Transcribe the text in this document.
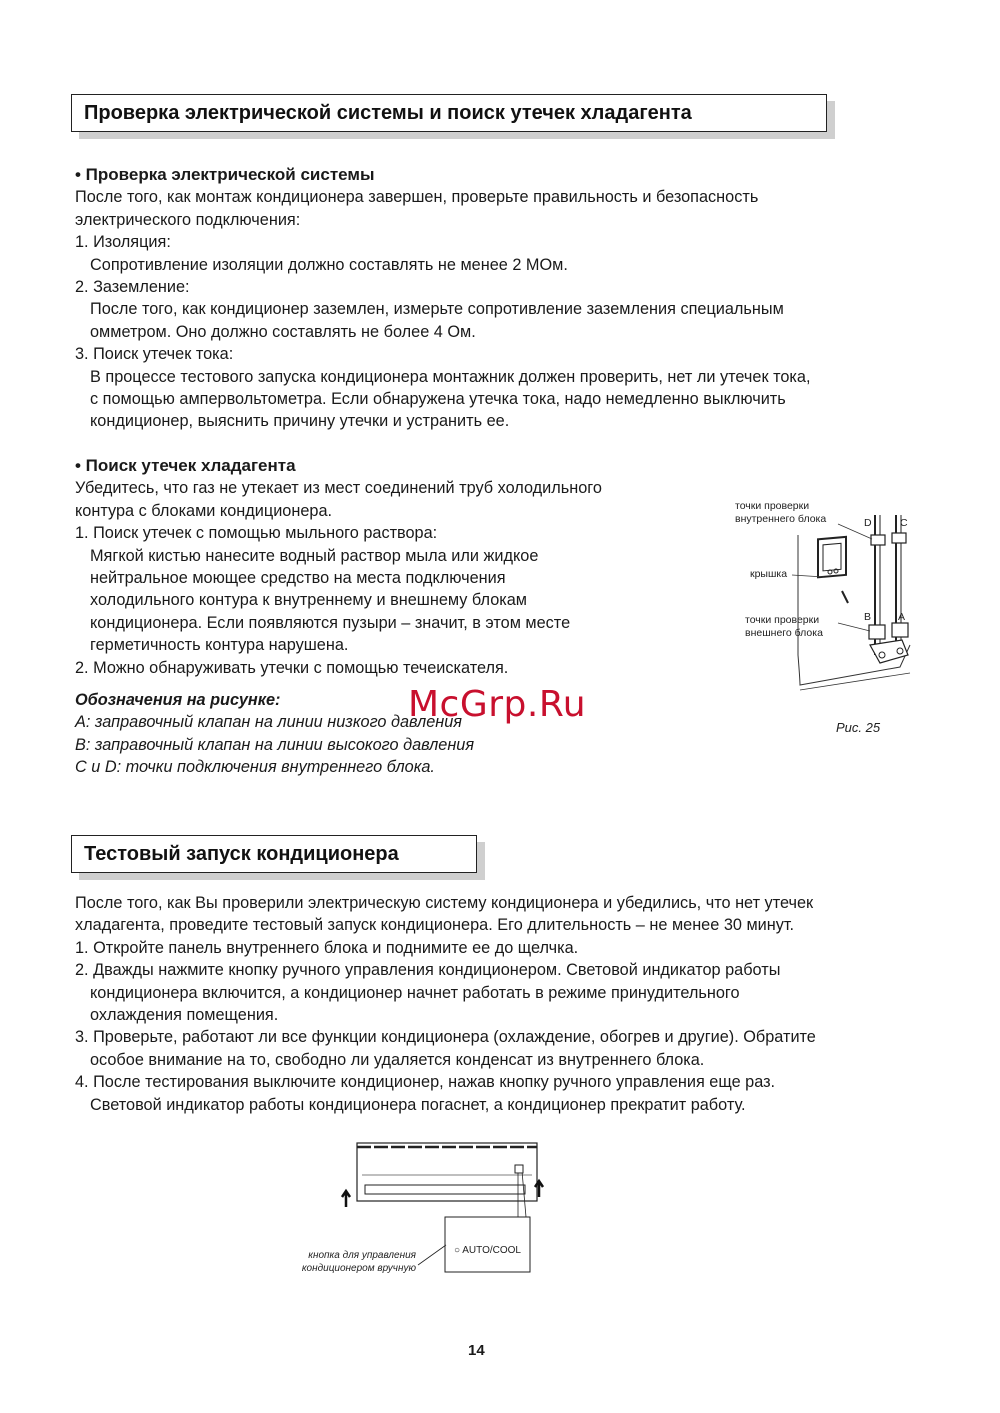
Проверка электрической системы и поиск утечек хладагента
• Проверка электрической системы
После того, как монтаж кондиционера завершен, проверьте правильность и безопасность
электрического подключения:
1. Изоляция:
Сопротивление изоляции должно составлять не менее 2 МОм.
2. Заземление:
После того, как кондиционер заземлен, измерьте сопротивление заземления специальным
омметром. Оно должно составлять не более 4 Ом.
3. Поиск утечек тока:
В процессе тестового запуска кондиционера монтажник должен проверить, нет ли утечек тока,
с помощью ампервольтометра. Если обнаружена утечка тока, надо немедленно выключить
кондиционер, выяснить причину утечки и устранить ее.
• Поиск утечек хладагента
Убедитесь, что газ не утекает из мест соединений труб холодильного
контура с блоками кондиционера.
1. Поиск утечек с помощью мыльного раствора:
Мягкой кистью нанесите водный раствор мыла или жидкое
нейтральное моющее средство на места подключения
холодильного контура к внутреннему и внешнему блокам
кондиционера. Если появляются пузыри – значит, в этом месте
герметичность контура нарушена.
2. Можно обнаруживать утечки с помощью течеискателя.
Обозначения на рисунке:
A: заправочный клапан на линии низкого давления
B: заправочный клапан на линии высокого давления
C и D: точки подключения внутреннего блока.
McGrp.Ru
точки проверки
внутреннего блока	D	C
крышка
точки проверки
внешнего блока
B	A
Рис. 25
Тестовый запуск кондиционера
После того, как Вы проверили электрическую систему кондиционера и убедились, что нет утечек
хладагента, проведите тестовый запуск кондиционера. Его длительность – не менее 30 минут.
1. Откройте панель внутреннего блока и поднимите ее до щелчка.
2. Дважды нажмите кнопку ручного управления кондиционером. Световой индикатор работы
кондиционера включится, а кондиционер начнет работать в режиме принудительного
охлаждения помещения.
3. Проверьте, работают ли все функции кондиционера (охлаждение, обогрев и другие). Обратите
особое внимание на то, свободно ли удаляется конденсат из внутреннего блока.
4. После тестирования выключите кондиционер, нажав кнопку ручного управления еще раз.
Световой индикатор работы кондиционера погаснет, а кондиционер прекратит работу.
○ AUTO/COOL
кнопка для управления
кондиционером вручную
14
